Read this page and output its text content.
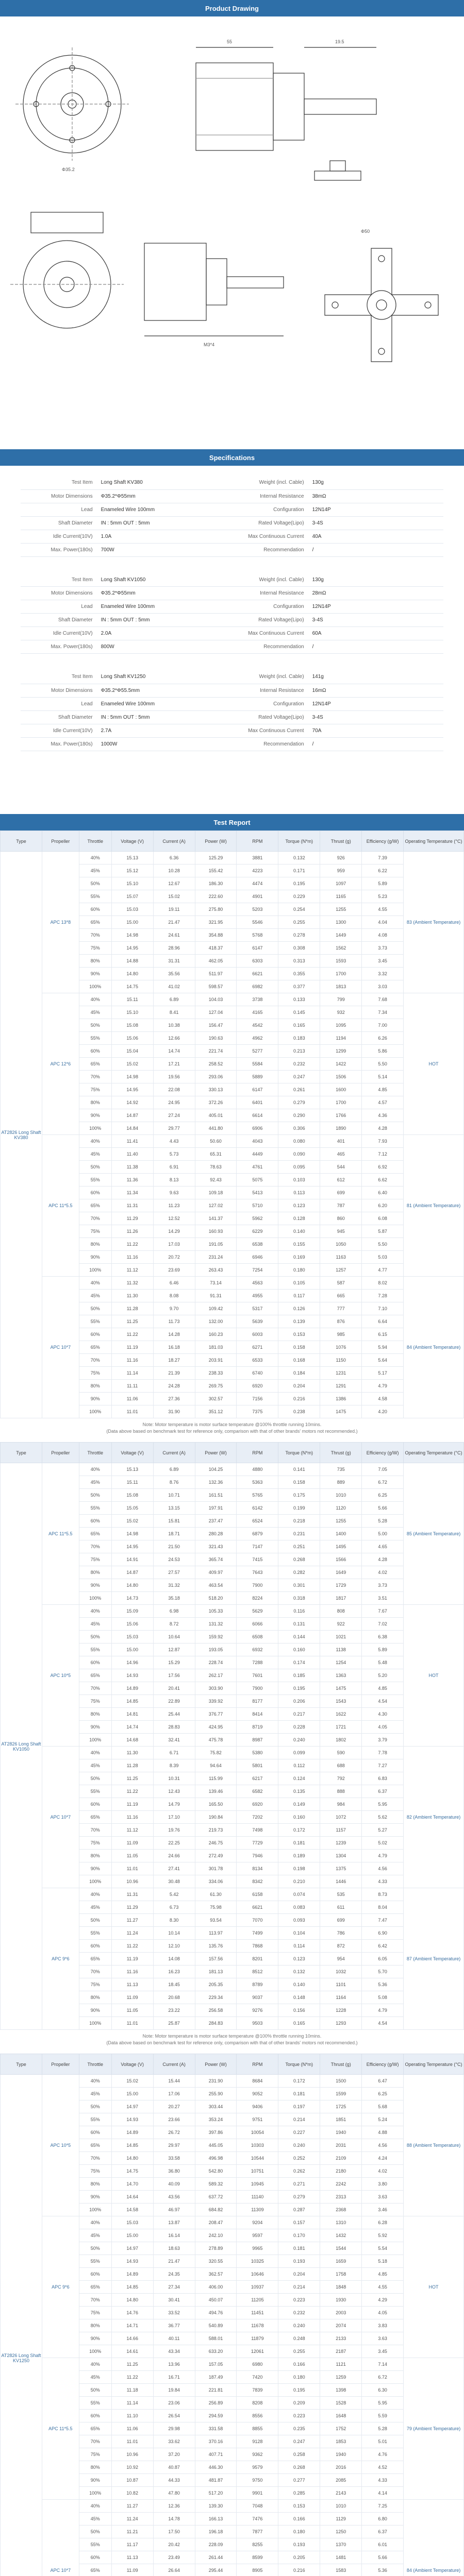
Product Drawing
55	19.5
Φ35.2
M3*4
Φ50
Specifications
Test Item	Long Shaft KV380	Weight (incl. Cable)	130g
Motor Dimensions	Φ35.2*Φ55mm	Internal Resistance	38mΩ
Lead	Enameled Wire 100mm	Configuration	12N14P
Shaft Diameter	IN : 5mm OUT : 5mm	Rated Voltage(Lipo)	3-4S
Idle Current(10V)	1.0A	Max Continuous Current	40A
Max. Power(180s)	700W	Recommendation	/
Test Item	Long Shaft KV1050	Weight (incl. Cable)	130g
Motor Dimensions	Φ35.2*Φ55mm	Internal Resistance	28mΩ
Lead	Enameled Wire 100mm	Configuration	12N14P
Shaft Diameter	IN : 5mm OUT : 5mm	Rated Voltage(Lipo)	3-4S
Idle Current(10V)	2.0A	Max Continuous Current	60A
Max. Power(180s)	800W	Recommendation	/
Test Item	Long Shaft KV1250	Weight (incl. Cable)	141g
Motor Dimensions	Φ35.2*Φ55.5mm	Internal Resistance	16mΩ
Lead	Enameled Wire 100mm	Configuration	12N14P
Shaft Diameter	IN : 5mm OUT : 5mm	Rated Voltage(Lipo)	3-4S
Idle Current(10V)	2.7A	Max Continuous Current	70A
Max. Power(180s)	1000W	Recommendation	/
Test Report
Type	Propeller	Throttle	Voltage (V)	Current (A)	Power (W)	RPM	Torque (N*m)	Thrust (g)	Efficiency (g/W)	Operating Temperature (°C)
AT2826 Long Shaft KV380	APC 13*8	40%	15.13	6.36	125.29	3881	0.132	926	7.39	83 (Ambient Temperature)
		45%	15.12	10.28	155.42	4223	0.171	959	6.22	
		50%	15.10	12.67	186.30	4474	0.195	1097	5.89	
		55%	15.07	15.02	222.60	4901	0.229	1165	5.23	
		60%	15.03	19.11	275.80	5203	0.254	1255	4.55	
		65%	15.00	21.47	321.95	5546	0.255	1300	4.04	
		70%	14.98	24.61	354.88	5768	0.278	1449	4.08	
		75%	14.95	28.96	418.37	6147	0.308	1562	3.73	
		80%	14.88	31.31	462.05	6303	0.313	1593	3.45	
		90%	14.80	35.56	511.97	6621	0.355	1700	3.32	
		100%	14.75	41.02	598.57	6982	0.377	1813	3.03	
	APC 12*6	40%	15.11	6.89	104.03	3738	0.133	799	7.68	HOT
		45%	15.10	8.41	127.04	4165	0.145	932	7.34	
		50%	15.08	10.38	156.47	4542	0.165	1095	7.00	
		55%	15.06	12.66	190.63	4962	0.183	1194	6.26	
		60%	15.04	14.74	221.74	5277	0.213	1299	5.86	
		65%	15.02	17.21	258.52	5584	0.232	1422	5.50	
		70%	14.98	19.56	293.06	5889	0.247	1506	5.14	
		75%	14.95	22.08	330.13	6147	0.261	1600	4.85	
		80%	14.92	24.95	372.26	6401	0.279	1700	4.57	
		90%	14.87	27.24	405.01	6614	0.290	1766	4.36	
		100%	14.84	29.77	441.80	6906	0.306	1890	4.28	
	APC 11*5.5	40%	11.41	4.43	50.60	4043	0.080	401	7.93	81 (Ambient Temperature)
		45%	11.40	5.73	65.31	4449	0.090	465	7.12	
		50%	11.38	6.91	78.63	4761	0.095	544	6.92	
		55%	11.36	8.13	92.43	5075	0.103	612	6.62	
		60%	11.34	9.63	109.18	5413	0.113	699	6.40	
		65%	11.31	11.23	127.02	5710	0.123	787	6.20	
		70%	11.29	12.52	141.37	5962	0.128	860	6.08	
		75%	11.26	14.29	160.93	6229	0.140	945	5.87	
		80%	11.22	17.03	191.05	6538	0.155	1050	5.50	
		90%	11.16	20.72	231.24	6946	0.169	1163	5.03	
		100%	11.12	23.69	263.43	7254	0.180	1257	4.77	
	APC 10*7	40%	11.32	6.46	73.14	4563	0.105	587	8.02	84 (Ambient Temperature)
		45%	11.30	8.08	91.31	4955	0.117	665	7.28	
		50%	11.28	9.70	109.42	5317	0.126	777	7.10	
		55%	11.25	11.73	132.00	5639	0.139	876	6.64	
		60%	11.22	14.28	160.23	6003	0.153	985	6.15	
		65%	11.19	16.18	181.03	6271	0.158	1076	5.94	
		70%	11.16	18.27	203.91	6533	0.168	1150	5.64	
		75%	11.14	21.39	238.33	6740	0.184	1231	5.17	
		80%	11.11	24.28	269.75	6920	0.204	1291	4.79	
		90%	11.06	27.36	302.57	7156	0.216	1386	4.58	
		100%	11.01	31.90	351.12	7375	0.238	1475	4.20	
Note: Motor temperature is motor surface temperature @100% throttle running 10mins.
(Data above based on benchmark test for reference only, comparison with that of other brands' motors not recommended.)
Type	Propeller	Throttle	Voltage (V)	Current (A)	Power (W)	RPM	Torque (N*m)	Thrust (g)	Efficiency (g/W)	Operating Temperature (°C)
AT2826 Long Shaft KV1050	APC 11*5.5	40%	15.13	6.89	104.25	4880	0.141	735	7.05	85 (Ambient Temperature)
		45%	15.11	8.76	132.36	5363	0.158	889	6.72	
		50%	15.08	10.71	161.51	5765	0.175	1010	6.25	
		55%	15.05	13.15	197.91	6142	0.199	1120	5.66	
		60%	15.02	15.81	237.47	6524	0.218	1255	5.28	
		65%	14.98	18.71	280.28	6879	0.231	1400	5.00	
		70%	14.95	21.50	321.43	7147	0.251	1495	4.65	
		75%	14.91	24.53	365.74	7415	0.268	1566	4.28	
		80%	14.87	27.57	409.97	7643	0.282	1649	4.02	
		90%	14.80	31.32	463.54	7900	0.301	1729	3.73	
		100%	14.73	35.18	518.20	8224	0.318	1817	3.51	
	APC 10*5	40%	15.09	6.98	105.33	5629	0.116	808	7.67	HOT
		45%	15.06	8.72	131.32	6066	0.131	922	7.02	
		50%	15.03	10.64	159.92	6508	0.144	1021	6.38	
		55%	15.00	12.87	193.05	6932	0.160	1138	5.89	
		60%	14.96	15.29	228.74	7288	0.174	1254	5.48	
		65%	14.93	17.56	262.17	7601	0.185	1363	5.20	
		70%	14.89	20.41	303.90	7900	0.195	1475	4.85	
		75%	14.85	22.89	339.92	8177	0.206	1543	4.54	
		80%	14.81	25.44	376.77	8414	0.217	1622	4.30	
		90%	14.74	28.83	424.95	8719	0.228	1721	4.05	
		100%	14.68	32.41	475.78	8987	0.240	1802	3.79	
	APC 10*7	40%	11.30	6.71	75.82	5380	0.099	590	7.78	82 (Ambient Temperature)
		45%	11.28	8.39	94.64	5801	0.112	688	7.27	
		50%	11.25	10.31	115.99	6217	0.124	792	6.83	
		55%	11.22	12.43	139.46	6582	0.135	888	6.37	
		60%	11.19	14.79	165.50	6920	0.149	984	5.95	
		65%	11.16	17.10	190.84	7202	0.160	1072	5.62	
		70%	11.12	19.76	219.73	7498	0.172	1157	5.27	
		75%	11.09	22.25	246.75	7729	0.181	1239	5.02	
		80%	11.05	24.66	272.49	7946	0.189	1304	4.79	
		90%	11.01	27.41	301.78	8134	0.198	1375	4.56	
		100%	10.96	30.48	334.06	8342	0.210	1446	4.33	
	APC 9*6	40%	11.31	5.42	61.30	6158	0.074	535	8.73	87 (Ambient Temperature)
		45%	11.29	6.73	75.98	6621	0.083	611	8.04	
		50%	11.27	8.30	93.54	7070	0.093	699	7.47	
		55%	11.24	10.14	113.97	7499	0.104	786	6.90	
		60%	11.22	12.10	135.76	7868	0.114	872	6.42	
		65%	11.19	14.08	157.56	8201	0.123	954	6.05	
		70%	11.16	16.23	181.13	8512	0.132	1032	5.70	
		75%	11.13	18.45	205.35	8789	0.140	1101	5.36	
		80%	11.09	20.68	229.34	9037	0.148	1164	5.08	
		90%	11.05	23.22	256.58	9276	0.156	1228	4.79	
		100%	11.01	25.87	284.83	9503	0.165	1293	4.54	
Note: Motor temperature is motor surface temperature @100% throttle running 10mins.
(Data above based on benchmark test for reference only, comparison with that of other brands' motors not recommended.)
Type	Propeller	Throttle	Voltage (V)	Current (A)	Power (W)	RPM	Torque (N*m)	Thrust (g)	Efficiency (g/W)	Operating Temperature (°C)
AT2826 Long Shaft KV1250	APC 10*5	40%	15.02	15.44	231.90	8684	0.172	1500	6.47	88 (Ambient Temperature)
		45%	15.00	17.06	255.90	9052	0.181	1599	6.25	
		50%	14.97	20.27	303.44	9406	0.197	1725	5.68	
		55%	14.93	23.66	353.24	9751	0.214	1851	5.24	
		60%	14.89	26.72	397.86	10054	0.227	1940	4.88	
		65%	14.85	29.97	445.05	10303	0.240	2031	4.56	
		70%	14.80	33.58	496.98	10544	0.252	2109	4.24	
		75%	14.75	36.80	542.80	10751	0.262	2180	4.02	
		80%	14.70	40.09	589.32	10945	0.271	2242	3.80	
		90%	14.64	43.56	637.72	11140	0.279	2313	3.63	
		100%	14.58	46.97	684.82	11309	0.287	2368	3.46	
	APC 9*6	40%	15.03	13.87	208.47	9204	0.157	1310	6.28	HOT
		45%	15.00	16.14	242.10	9597	0.170	1432	5.92	
		50%	14.97	18.63	278.89	9965	0.181	1544	5.54	
		55%	14.93	21.47	320.55	10325	0.193	1659	5.18	
		60%	14.89	24.35	362.57	10646	0.204	1758	4.85	
		65%	14.85	27.34	406.00	10937	0.214	1848	4.55	
		70%	14.80	30.41	450.07	11205	0.223	1930	4.29	
		75%	14.76	33.52	494.76	11451	0.232	2003	4.05	
		80%	14.71	36.77	540.89	11678	0.240	2074	3.83	
		90%	14.66	40.11	588.01	11879	0.248	2133	3.63	
		100%	14.61	43.34	633.20	12061	0.255	2187	3.45	
	APC 11*5.5	40%	11.25	13.96	157.05	6980	0.166	1121	7.14	79 (Ambient Temperature)
		45%	11.22	16.71	187.49	7420	0.180	1259	6.72	
		50%	11.18	19.84	221.81	7839	0.195	1398	6.30	
		55%	11.14	23.06	256.89	8208	0.209	1528	5.95	
		60%	11.10	26.54	294.59	8556	0.223	1648	5.59	
		65%	11.06	29.98	331.58	8855	0.235	1752	5.28	
		70%	11.01	33.62	370.16	9128	0.247	1853	5.01	
		75%	10.96	37.20	407.71	9362	0.258	1940	4.76	
		80%	10.92	40.87	446.30	9579	0.268	2016	4.52	
		90%	10.87	44.33	481.87	9750	0.277	2085	4.33	
		100%	10.82	47.80	517.20	9901	0.285	2143	4.14	
	APC 10*7	40%	11.27	12.36	139.30	7048	0.153	1010	7.25	84 (Ambient Temperature)
		45%	11.24	14.78	166.13	7476	0.166	1129	6.80	
		50%	11.21	17.50	196.18	7877	0.180	1250	6.37	
		55%	11.17	20.42	228.09	8255	0.193	1370	6.01	
		60%	11.13	23.49	261.44	8599	0.205	1481	5.66	
		65%	11.09	26.64	295.44	8905	0.216	1583	5.36	
